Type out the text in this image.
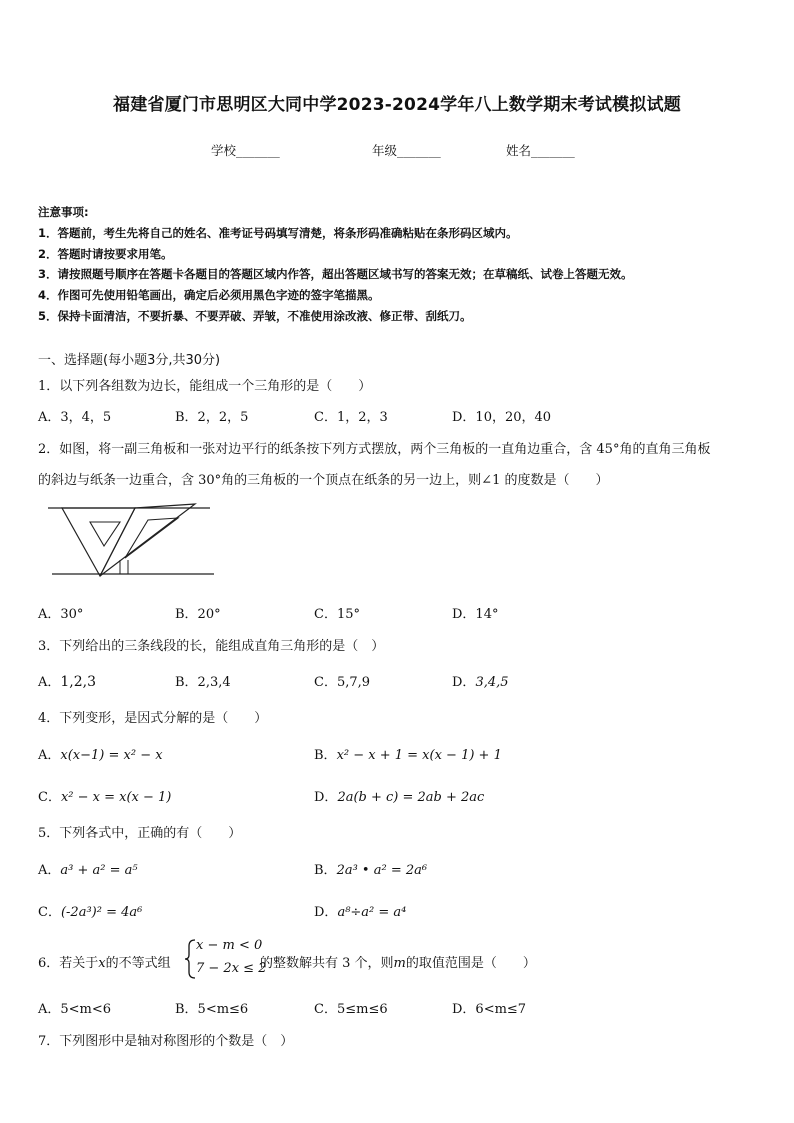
福建省厦门市思明区大同中学2023-2024学年八上数学期末考试模拟试题
学校_______	年级_______	姓名_______
注意事项:
1．答题前，考生先将自己的姓名、准考证号码填写清楚，将条形码准确粘贴在条形码区域内。
2．答题时请按要求用笔。
3．请按照题号顺序在答题卡各题目的答题区域内作答，超出答题区域书写的答案无效；在草稿纸、试卷上答题无效。
4．作图可先使用铅笔画出，确定后必须用黑色字迹的签字笔描黑。
5．保持卡面清洁，不要折暴、不要弄破、弄皱，不准使用涂改液、修正带、刮纸刀。
一、选择题(每小题3分,共30分)
1．以下列各组数为边长，能组成一个三角形的是（　　）
A．3，4，5	B．2，2，5	C．1，2，3	D．10，20，40
2．如图，将一副三角板和一张对边平行的纸条按下列方式摆放，两个三角板的一直角边重合，含 45°角的直角三角板
的斜边与纸条一边重合，含 30°角的三角板的一个顶点在纸条的另一边上，则∠1 的度数是（　　）
A．30°	B．20°	C．15°	D．14°
3．下列给出的三条线段的长，能组成直角三角形的是（　）
A．1,2,3	B．2,3,4	C．5,7,9	D．3,4,5
4．下列变形，是因式分解的是（　　）
A．x(x−1) = x² − x	B．x² − x + 1 = x(x − 1) + 1
C．x² − x = x(x − 1)	D．2a(b + c) = 2ab + 2ac
5．下列各式中，正确的有（　　）
A．a³ + a² = a⁵	B．2a³ • a² = 2a⁶
C．(-2a³)² = 4a⁶	D．a⁸÷a² = a⁴
6．若关于x的不等式组
x − m < 0
7 − 2x ≤ 2
的整数解共有 3 个，则m的取值范围是（　　）
A．5<m<6	B．5<m≤6	C．5≤m≤6	D．6<m≤7
7．下列图形中是轴对称图形的个数是（　）
